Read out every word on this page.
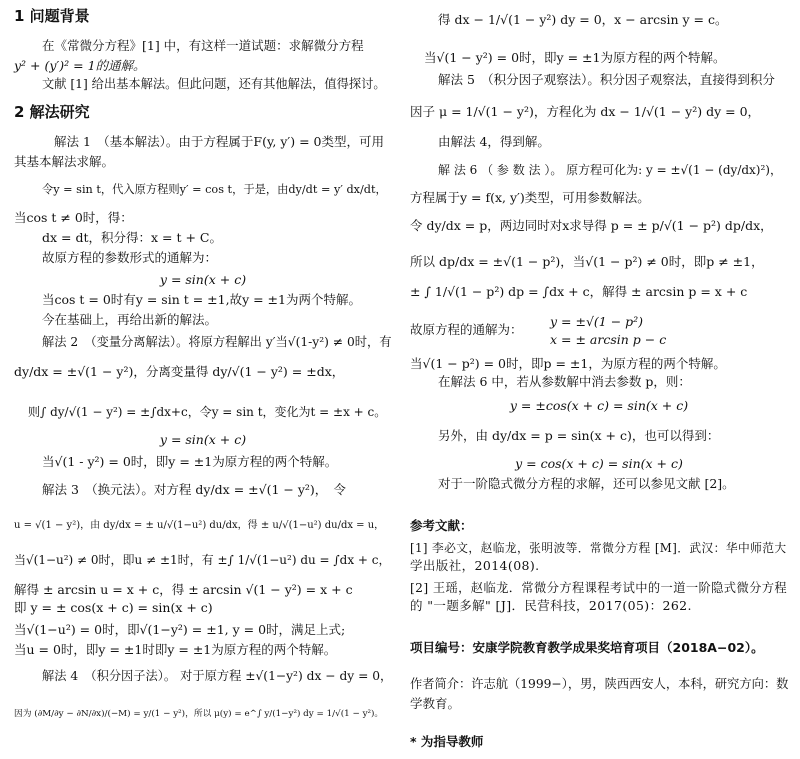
1 问题背景
在《常微分方程》[1] 中，有这样一道试题：求解微分方程
y² + (y′)² = 1的通解。
文献 [1] 给出基本解法。但此问题，还有其他解法，值得探讨。
2 解法研究
解法 1　（基本解法）。由于方程属于F(y, y′) = 0类型，可用
其基本解法求解。
令y = sin t，代入原方程则y′ = cos t，于是，由dy/dt = y′ dx/dt，
当cos t ≠ 0时，得：
dx = dt，积分得：x = t + C。
故原方程的参数形式的通解为：
y = sin(x + c)
当cos t = 0时有y = sin t = ±1,故y = ±1为两个特解。
今在基础上，再给出新的解法。
解法 2　（变量分离解法）。将原方程解出 y′当√(1-y²) ≠ 0时，有
dy/dx = ±√(1 − y²)，分离变量得 dy/√(1 − y²) = ±dx，
则∫ dy/√(1 − y²) = ±∫dx+c，令y = sin t，变化为t = ±x + c。
y = sin(x + c)
当√(1 - y²) = 0时，即y = ±1为原方程的两个特解。
解法 3　（换元法）。对方程 dy/dx = ±√(1 − y²)，　令
u = √(1 − y²)，由 dy/dx = ± u/√(1−u²) du/dx，得 ± u/√(1−u²) du/dx = u，
当√(1−u²) ≠ 0时，即u ≠ ±1时，有 ±∫ 1/√(1−u²) du = ∫dx + c，
解得 ± arcsin u = x + c，得 ± arcsin √(1 − y²) = x + c
即 y = ± cos(x + c) = sin(x + c)
当√(1−u²) = 0时，即√(1−y²) = ±1, y = 0时，满足上式;
当u = 0时，即y = ±1时即y = ±1为原方程的两个特解。
解法 4　（积分因子法）。 对于原方程 ±√(1−y²) dx − dy = 0，
因为 (∂M/∂y − ∂N/∂x)/(−M) = y/(1 − y²)，所以 μ(y) = e^∫ y/(1−y²) dy = 1/√(1 − y²)。
得 dx − 1/√(1 − y²) dy = 0，x − arcsin y = c。
当√(1 − y²) = 0时，即y = ±1为原方程的两个特解。
解法 5　（积分因子观察法）。积分因子观察法，直接得到积分
因子 μ = 1/√(1 − y²)，方程化为 dx − 1/√(1 − y²) dy = 0，
由解法 4，得到解。
解 法 6 （ 参 数 法 ）。 原方程可化为: y = ±√(1 − (dy/dx)²)，
方程属于y = f(x, y′)类型，可用参数解法。
令 dy/dx = p，两边同时对x求导得 p = ± p/√(1 − p²) dp/dx，
所以 dp/dx = ±√(1 − p²)，当√(1 − p²) ≠ 0时，即p ≠ ±1，
± ∫ 1/√(1 − p²) dp = ∫dx + c，解得 ± arcsin p = x + c
故原方程的通解为：
y = ±√(1 − p²)
x = ± arcsin p − c
当√(1 − p²) = 0时，即p = ±1，为原方程的两个特解。
在解法 6 中，若从参数解中消去参数 p，则：
y = ±cos(x + c) = sin(x + c)
另外，由 dy/dx = p = sin(x + c)，也可以得到：
y = cos(x + c) = sin(x + c)
对于一阶隐式微分方程的求解，还可以参见文献 [2]。
参考文献：
[1] 李必文，赵临龙，张明波等．常微分方程 [M]．武汉：华中师范大
学出版社，2014(08).
[2] 王瑶，赵临龙．常微分方程课程考试中的一道一阶隐式微分方程
的 "一题多解" [J]．民营科技，2017(05)：262.
项目编号：安康学院教育教学成果奖培育项目（2018A−02）。
作者简介：许志航（1999−），男，陕西西安人，本科，研究方向：数
学教育。
* 为指导教师
